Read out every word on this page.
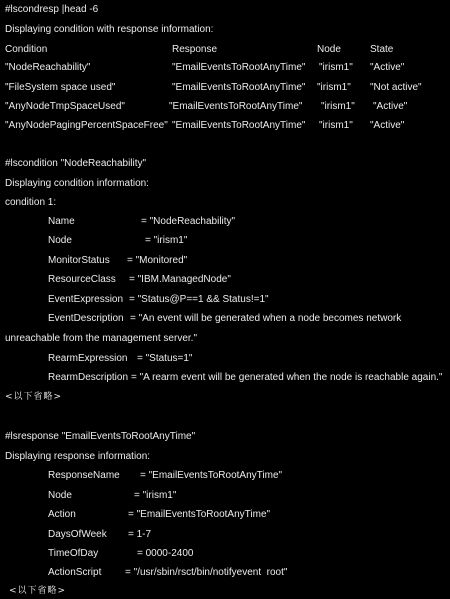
#lscondresp |head -6
Displaying condition with response information:
Condition	Response	Node	State
"NodeReachability"	"EmailEventsToRootAnyTime" "irism1" "Active"
"FileSystem space used"	"EmailEventsToRootAnyTime" "irism1" "Not active"
"AnyNodeTmpSpaceUsed"	"EmailEventsToRootAnyTime" "irism1" "Active"
"AnyNodePagingPercentSpaceFree" "EmailEventsToRootAnyTime" "irism1" "Active"
#lscondition "NodeReachability"
Displaying condition information:
condition 1:
Name	= "NodeReachability"
Node	= "irism1"
MonitorStatus = "Monitored"
ResourceClass = "IBM.ManagedNode"
EventExpression = "Status@P==1 && Status!=1"
EventDescription = "An event will be generated when a node becomes network
unreachable from the management server."
RearmExpression = "Status=1"
RearmDescription = "A rearm event will be generated when the node is reachable again."
<以下省略>
#lsresponse "EmailEventsToRootAnyTime"
Displaying response information:
ResponseName = "EmailEventsToRootAnyTime"
Node	= "irism1"
Action	= "EmailEventsToRootAnyTime"
DaysOfWeek = 1-7
TimeOfDay	= 0000-2400
ActionScript = "/usr/sbin/rsct/bin/notifyevent  root"
<以下省略>
